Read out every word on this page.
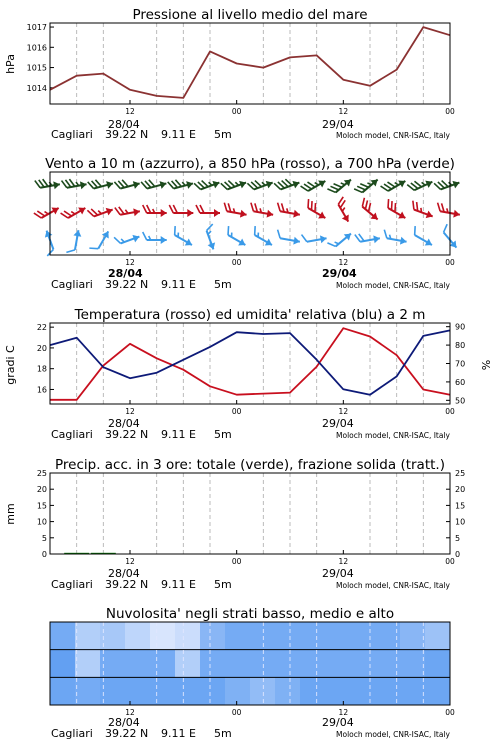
Pressione al livello medio del mare
hPa
1014
1015
1016
1017
12	00	12	00
28/04	29/04
Cagliari 39.22 N 9.11 E 5m	Moloch model, CNR-ISAC, Italy
Vento a 10 m (azzurro), a 850 hPa (rosso), a 700 hPa (verde)
12	00	12	00
28/04	29/04
Cagliari 39.22 N 9.11 E 5m	Moloch model, CNR-ISAC, Italy
Temperatura (rosso) ed umidita' relativa (blu) a 2 m
gradi C	%
16
18
20
22
50
60
70
80
90
12	00	12	00
28/04	29/04
Cagliari 39.22 N 9.11 E 5m	Moloch model, CNR-ISAC, Italy
Precip. acc. in 3 ore: totale (verde), frazione solida (tratt.)
mm
0
5
10
15
20
25
0
5
10
15
20
25
12	00	12	00
28/04	29/04
Cagliari 39.22 N 9.11 E 5m	Moloch model, CNR-ISAC, Italy
Nuvolosita' negli strati basso, medio e alto
12	00	12	00
28/04	29/04
Cagliari 39.22 N 9.11 E 5m	Moloch model, CNR-ISAC, Italy
